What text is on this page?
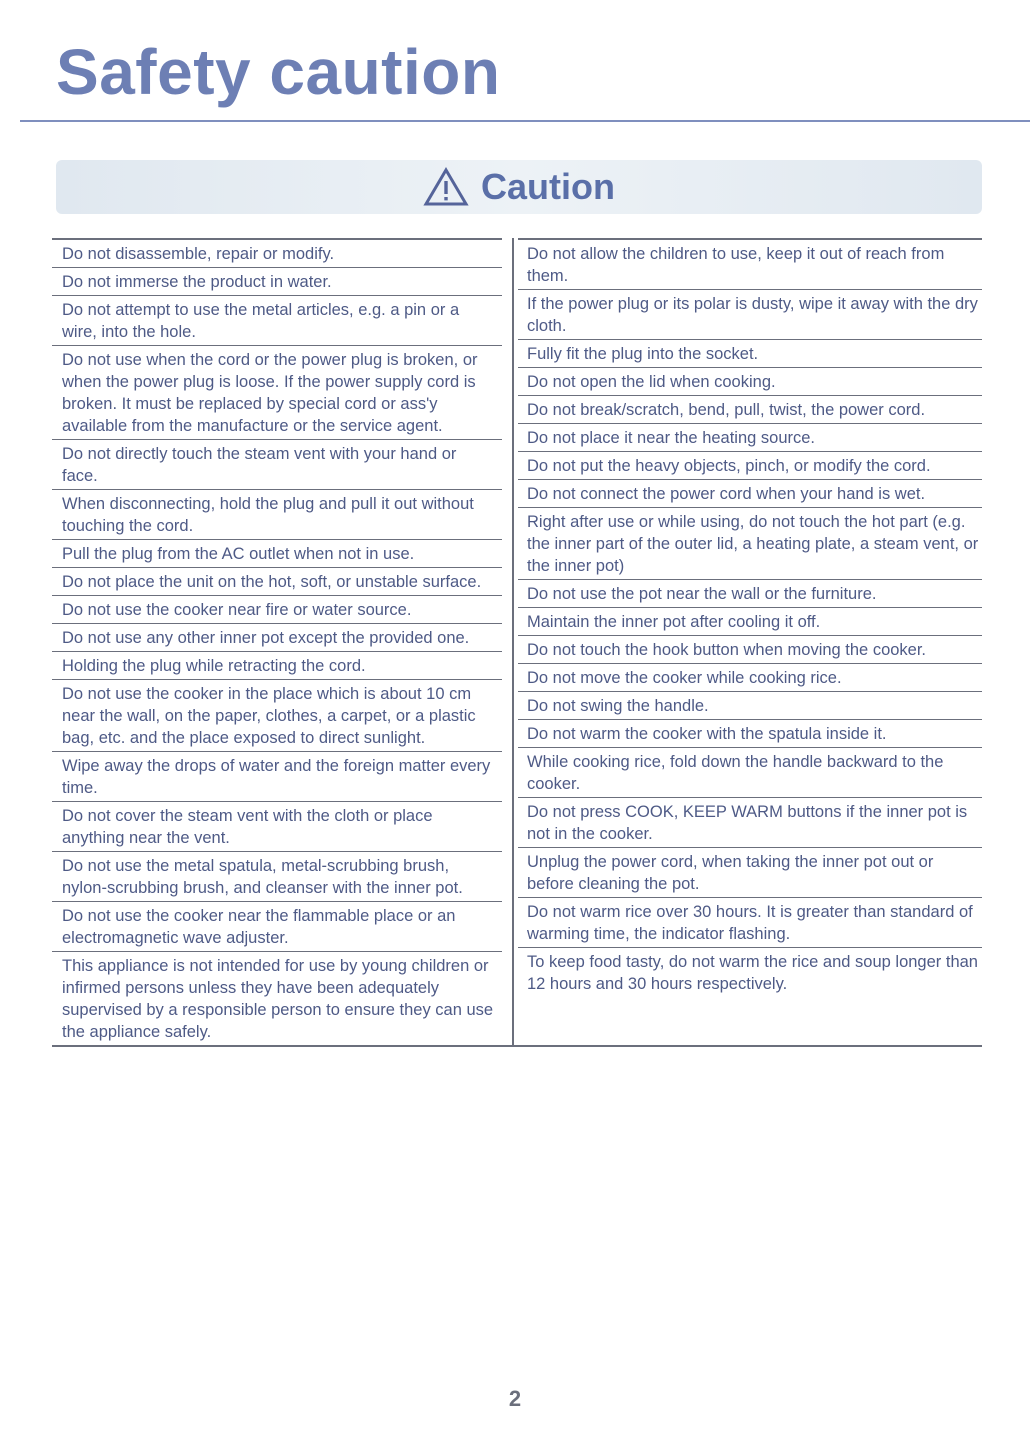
Safety caution
Caution
Do not disassemble, repair or modify.
Do not immerse the product in water.
Do not attempt to use the metal articles, e.g. a pin or a wire, into the hole.
Do not use when the cord or the power plug is broken, or when the power plug is loose. If the power supply cord is broken. It must be replaced by special cord or ass'y available from the manufacture or the service agent.
Do not directly touch the steam vent with your hand or face.
When disconnecting, hold the plug and pull it out without touching the cord.
Pull the plug from the AC outlet when not in use.
Do not place the unit on the hot, soft, or unstable surface.
Do not use the cooker near fire or water source.
Do not use any other inner pot except the provided one.
Holding the plug while retracting the cord.
Do not use the cooker in the place which is about 10 cm near the wall, on the paper, clothes, a carpet, or a plastic bag, etc. and the place exposed to direct sunlight.
Wipe away the drops of water and the foreign matter every time.
Do not cover the steam vent with the cloth or place anything near the vent.
Do not use the metal spatula, metal-scrubbing brush, nylon-scrubbing brush, and cleanser with the inner pot.
Do not use the cooker near the flammable place or an electromagnetic wave adjuster.
This appliance is not intended for use by young children or infirmed persons unless they have been adequately supervised by a responsible person to ensure they can use the appliance safely.
Do not allow the children to use, keep it out of reach from them.
If the power plug or its polar is dusty, wipe it away with the dry cloth.
Fully fit the plug into the socket.
Do not open the lid when cooking.
Do not break/scratch, bend, pull, twist, the power cord.
Do not place it near the heating source.
Do not put the heavy objects, pinch, or modify the cord.
Do not connect the power cord when your hand is wet.
Right after use or while using, do not touch the hot part (e.g. the inner part of the outer lid, a heating plate, a steam vent, or the inner pot)
Do not use the pot near the wall or the furniture.
Maintain the inner pot after cooling it off.
Do not touch the hook button when moving the cooker.
Do not move the cooker while cooking rice.
Do not swing the handle.
Do not warm the cooker with the spatula inside it.
While cooking rice, fold down the handle backward to the cooker.
Do not press COOK, KEEP WARM buttons if the inner pot is not in the cooker.
Unplug the power cord, when taking the inner pot out or before cleaning the pot.
Do not warm rice over 30 hours. It is greater than standard of warming time, the indicator flashing.
To keep food tasty, do not warm the rice and soup longer than 12 hours and 30 hours respectively.
2
